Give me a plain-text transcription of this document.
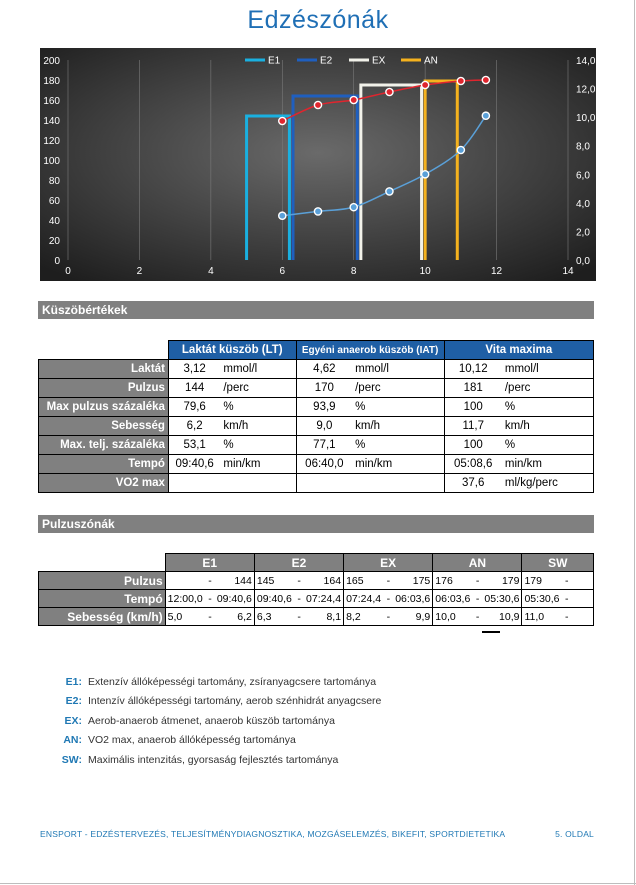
Edzészónák
0
20
40
60
80
100
120
140
160
180
200
0,0
2,0
4,0
6,0
8,0
10,0
12,0
14,0
0	2	4	6	8	10	12	14
E1	E2	EX	AN
Küszöbértékek
	Laktát küszöb (LT)		Egyéni anaerob küszöb (IAT)		Vita maxima	
Laktát	3,12	mmol/l	4,62	mmol/l	10,12	mmol/l
Pulzus	144	/perc	170	/perc	181	/perc
Max pulzus százaléka	79,6	%	93,9	%	100	%
Sebesség	6,2	km/h	9,0	km/h	11,7	km/h
Max. telj. százaléka	53,1	%	77,1	%	100	%
Tempó	09:40,6	min/km	06:40,0	min/km	05:08,6	min/km
VO2 max					37,6	ml/kg/perc
Pulzuszónák
	E1			E2			EX			AN			SW		
Pulzus		-	144	145	-	164	165	-	175	176	-	179	179	-	
Tempó	12:00,0	-	09:40,6	09:40,6	-	07:24,4	07:24,4	-	06:03,6	06:03,6	-	05:30,6	05:30,6	-	
Sebesség (km/h)	5,0	-	6,2	6,3	-	8,1	8,2	-	9,9	10,0	-	10,9	11,0	-	
E1: Extenzív állóképességi tartomány, zsíranyagcsere tartománya
E2: Intenzív állóképességi tartomány, aerob szénhidrát anyagcsere
EX: Aerob-anaerob átmenet, anaerob küszöb tartománya
AN: VO2 max, anaerob állóképesség tartománya
SW: Maximális intenzitás, gyorsaság fejlesztés tartománya
ENSPORT - EDZÉSTERVEZÉS, TELJESÍTMÉNYDIAGNOSZTIKA, MOZGÁSELEMZÉS, BIKEFIT, SPORTDIETETIKA	5. OLDAL
